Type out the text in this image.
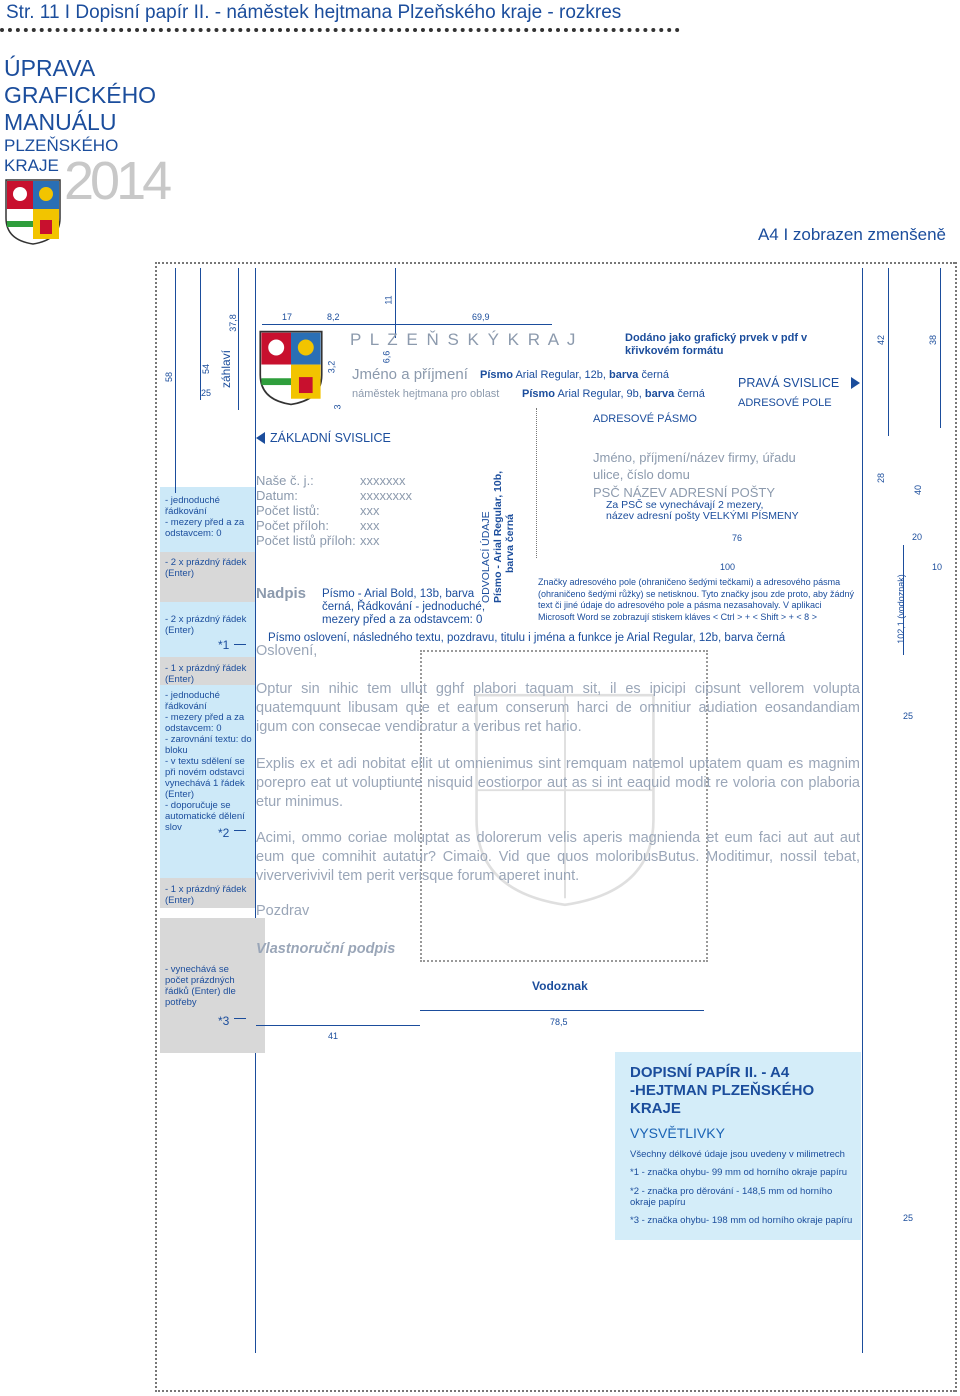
Str. 11 I Dopisní papír II. - náměstek hejtmana Plzeňského kraje - rozkres
ÚPRAVA
GRAFICKÉHO
MANUÁLU
PLZEŇSKÉHO
KRAJE 2014
A4 I zobrazen zmenšeně
- jednoduché řádkování
- mezery před a za odstavcem: 0
- 2 x prázdný řádek (Enter)
- 2 x prázdný řádek (Enter)
*1
- 1 x prázdný řádek (Enter)
- jednoduché řádkování
- mezery před a za odstavcem: 0
- zarovnání textu: do bloku
- v textu sdělení se při novém odstavci vynechává 1 řádek (Enter)
- doporučuje se automatické dělení slov	*2
- 1 x prázdný řádek (Enter)
- vynechává se počet prázdných řádků (Enter) dle potřeby
*3
58
54
25
záhlaví
37,8	17	8,2	69,9
11
6,6
3,2
3
P L Z E Ň S K Ý K R A J	Dodáno jako grafický prvek v pdf v křivkovém formátu
Jméno a příjmení Písmo Arial Regular, 12b, barva černá
náměstek hejtmana pro oblast Písmo Arial Regular, 9b, barva černá
PRAVÁ SVISLICE
ADRESOVÉ POLE
ADRESOVÉ PÁSMO
ZÁKLADNÍ SVISLICE
Naše č. j.:	xxxxxxx
Datum:	xxxxxxxx
Počet listů:	xxx
Počet příloh: xxx
Počet listů příloh: xxx	ODVOLACÍ ÚDAJE Písmo - Arial Regular, 10b, barva černá
Jméno, příjmení/název firmy, úřadu
ulice, číslo domu
PSČ NÁZEV ADRESNÍ POŠTY
Za PSČ se vynechávají 2 mezery,
název adresní pošty VELKÝMI PÍSMENY
76
100
Značky adresového pole (ohraničeno šedými tečkami) a adresového pásma (ohraničeno šedými růžky) se netisknou. Tyto značky jsou zde proto, aby žádný text či jiné údaje do adresového pole a pásma nezasahovaly. V aplikaci Microsoft Word se zobrazují stiskem kláves < Ctrl > + < Shift > + < 8 >
42	38
28
40
20
10
102,1 (vodoznak)
25
Nadpis Písmo - Arial Bold, 13b, barva černá, Řádkování - jednoduché, mezery před a za odstavcem: 0
Písmo oslovení, následného textu, pozdravu, titulu i jména a funkce je Arial Regular, 12b, barva černá
Oslovení,
Optur sin nihic tem ullut gghf plabori taquam sit, il es ipicipi cipsunt vellorem volupta quatemquunt libusam que et earum conserum harci de omnitiur audiation eosandandiam igum con consecae vendioratur a veribus ret hario.
Explis ex et adi nobitat ellit ut omnienimus sint remquam natemol uptatem quam es magnim porepro eat ut voluptiunte nisquid eostiorpor aut as si int eaquid modit re voloria con plaboria etur minimus.
Acimi, ommo coriae moluptat as dolorerum velis aperis magnienda et eum faci aut aut aut eum que comnihit autatur? Cimaio. Vid que quos moloribusButus. Moditimur, nossil tebat, viververivivil tem perit verisque forum aperet inunt.
Pozdrav
Vlastnoruční podpis
Vodoznak
78,5
41
DOPISNÍ PAPÍR II. - A4
-HEJTMAN PLZEŇSKÉHO
KRAJE
VYSVĚTLIVKY
Všechny délkové údaje jsou uvedeny v milimetrech
*1 - značka ohybu- 99 mm od horního okraje papíru
*2 - značka pro děrování - 148,5 mm od horního okraje papíru
*3 - značka ohybu- 198 mm od horního okraje papíru	25
